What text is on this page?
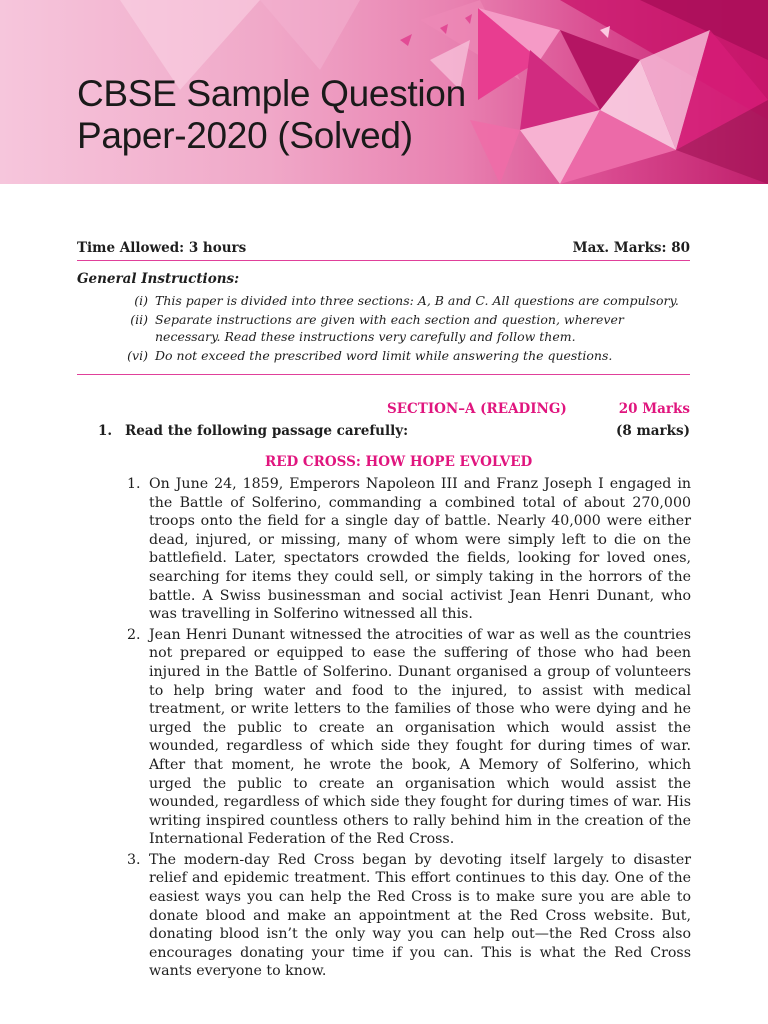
CBSE Sample Question
Paper-2020 (Solved)
Time Allowed: 3 hours	Max. Marks: 80
General Instructions:
(i) This paper is divided into three sections: A, B and C. All questions are compulsory.
(ii) Separate instructions are given with each section and question, wherever necessary. Read these instructions very carefully and follow them.
(vi) Do not exceed the prescribed word limit while answering the questions.
SECTION–A (READING)	20 Marks
1. Read the following passage carefully:	(8 marks)
RED CROSS: HOW HOPE EVOLVED
1. On June 24, 1859, Emperors Napoleon III and Franz Joseph I engaged in the Battle of Solferino, commanding a combined total of about 270,000 troops onto the field for a single day of battle. Nearly 40,000 were either dead, injured, or missing, many of whom were simply left to die on the battlefield. Later, spectators crowded the fields, looking for loved ones, searching for items they could sell, or simply taking in the horrors of the battle. A Swiss businessman and social activist Jean Henri Dunant, who was travelling in Solferino witnessed all this.
2. Jean Henri Dunant witnessed the atrocities of war as well as the countries not prepared or equipped to ease the suffering of those who had been injured in the Battle of Solferino. Dunant organised a group of volunteers to help bring water and food to the injured, to assist with medical treatment, or write letters to the families of those who were dying and he urged the public to create an organisation which would assist the wounded, regardless of which side they fought for during times of war. After that moment, he wrote the book, A Memory of Solferino, which urged the public to create an organisation which would assist the wounded, regardless of which side they fought for during times of war. His writing inspired countless others to rally behind him in the creation of the International Federation of the Red Cross.
3. The modern-day Red Cross began by devoting itself largely to disaster relief and epidemic treatment. This effort continues to this day. One of the easiest ways you can help the Red Cross is to make sure you are able to donate blood and make an appointment at the Red Cross website. But, donating blood isn’t the only way you can help out—the Red Cross also encourages donating your time if you can. This is what the Red Cross wants everyone to know.
